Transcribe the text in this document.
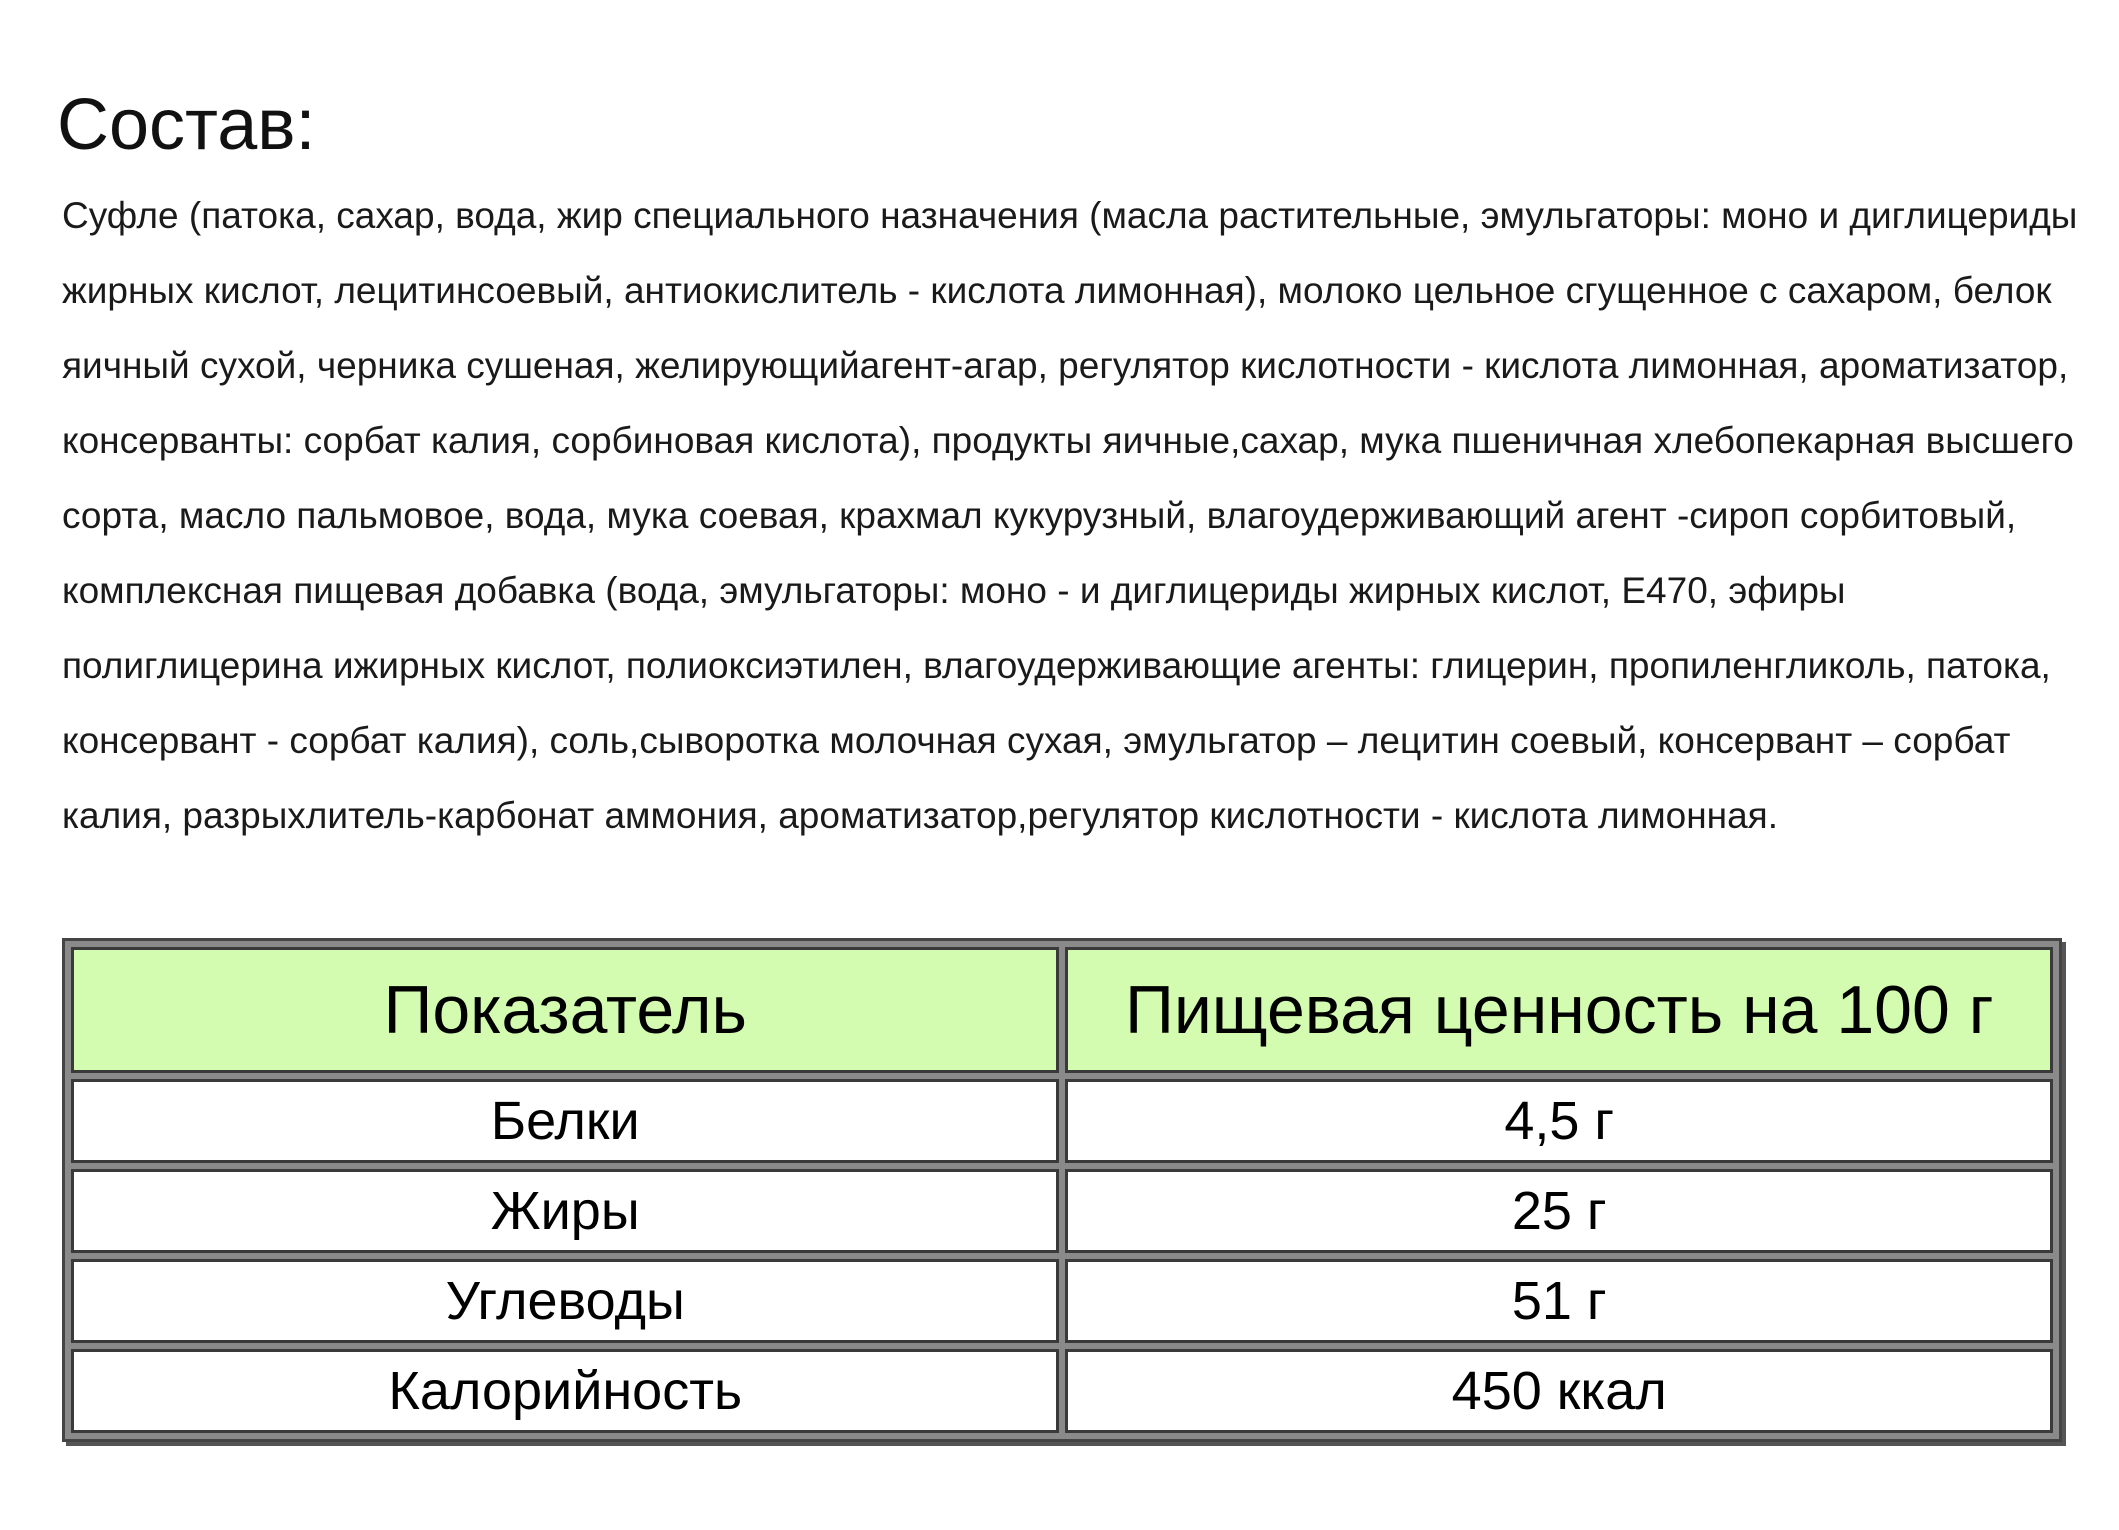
Состав:

Суфле (патока, сахар, вода, жир специального назначения (масла растительные, эмульгаторы: моно и диглицериды жирных кислот, лецитинсоевый, антиокислитель - кислота лимонная), молоко цельное сгущенное с сахаром, белок яичный сухой, черника сушеная, желирующийагент-агар, регулятор кислотности - кислота лимонная, ароматизатор, консерванты: сорбат калия, сорбиновая кислота), продукты яичные,сахар, мука пшеничная хлебопекарная высшего сорта, масло пальмовое, вода, мука соевая, крахмал кукурузный, влагоудерживающий агент -сироп сорбитовый, комплексная пищевая добавка (вода, эмульгаторы: моно - и диглицериды жирных кислот, Е470, эфиры полиглицерина ижирных кислот, полиоксиэтилен, влагоудерживающие агенты: глицерин, пропиленгликоль, патока, консервант - сорбат калия), соль,сыворотка молочная сухая, эмульгатор – лецитин соевый, консервант – сорбат калия, разрыхлитель-карбонат аммония, ароматизатор,регулятор кислотности - кислота лимонная.

Показатель	Пищевая ценность на 100 г
Белки	4,5 г
Жиры	25 г
Углеводы	51 г
Калорийность	450 ккал
